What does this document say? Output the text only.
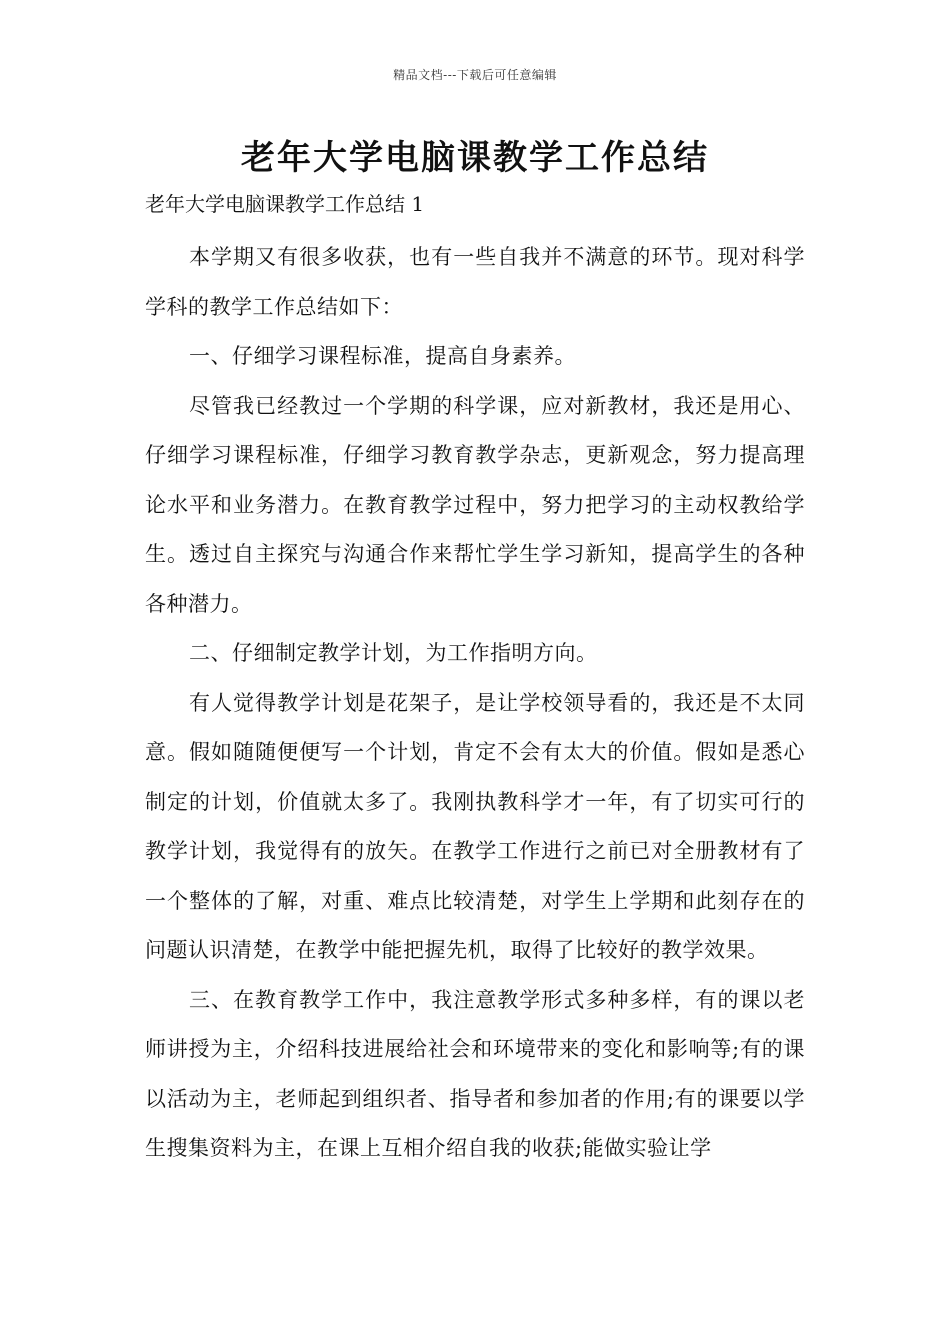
精品文档---下载后可任意编辑
老年大学电脑课教学工作总结

老年大学电脑课教学工作总结 1

本学期又有很多收获，也有一些自我并不满意的环节。现对科学学科的教学工作总结如下：

一、仔细学习课程标准，提高自身素养。

尽管我已经教过一个学期的科学课，应对新教材，我还是用心、仔细学习课程标准，仔细学习教育教学杂志，更新观念，努力提高理论水平和业务潜力。在教育教学过程中，努力把学习的主动权教给学生。透过自主探究与沟通合作来帮忙学生学习新知，提高学生的各种各种潜力。

二、仔细制定教学计划，为工作指明方向。

有人觉得教学计划是花架子，是让学校领导看的，我还是不太同意。假如随随便便写一个计划，肯定不会有太大的价值。假如是悉心制定的计划，价值就太多了。我刚执教科学才一年，有了切实可行的教学计划，我觉得有的放矢。在教学工作进行之前已对全册教材有了一个整体的了解，对重、难点比较清楚，对学生上学期和此刻存在的问题认识清楚，在教学中能把握先机，取得了比较好的教学效果。

三、在教育教学工作中，我注意教学形式多种多样，有的课以老师讲授为主，介绍科技进展给社会和环境带来的变化和影响等;有的课以活动为主，老师起到组织者、指导者和参加者的作用;有的课要以学生搜集资料为主，在课上互相介绍自我的收获;能做实验让学
